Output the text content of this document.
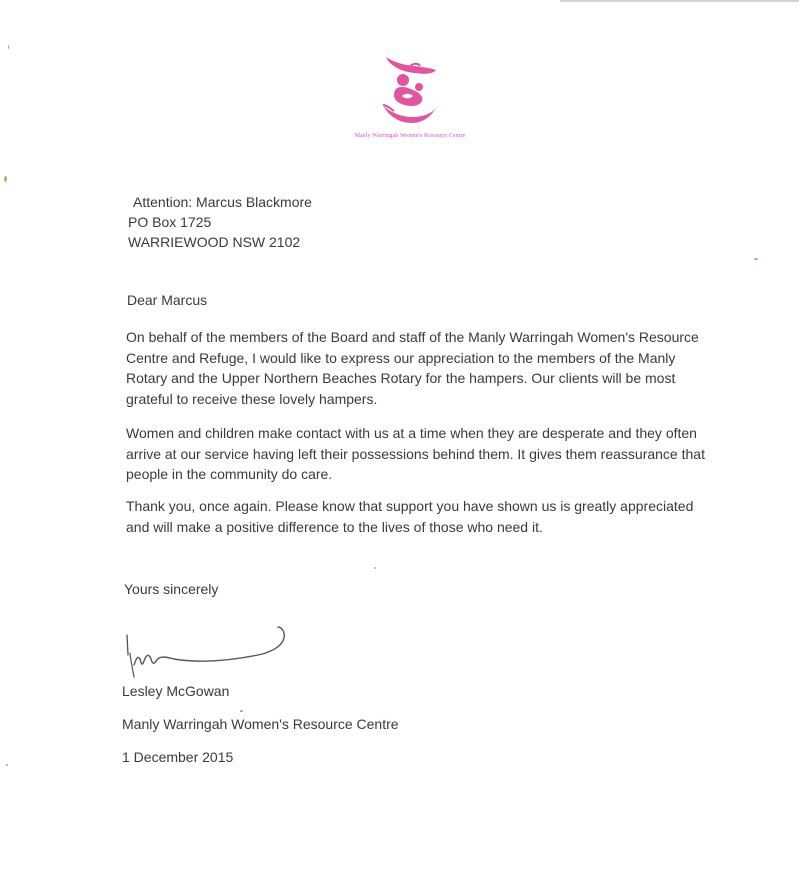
Manly Warringah Women's Resource Centre
Attention: Marcus Blackmore
PO Box 1725
WARRIEWOOD NSW 2102
Dear Marcus

On behalf of the members of the Board and staff of the Manly Warringah Women's Resource Centre and Refuge, I would like to express our appreciation to the members of the Manly Rotary and the Upper Northern Beaches Rotary for the hampers. Our clients will be most grateful to receive these lovely hampers.

Women and children make contact with us at a time when they are desperate and they often arrive at our service having left their possessions behind them. It gives them reassurance that people in the community do care.

Thank you, once again. Please know that support you have shown us is greatly appreciated and will make a positive difference to the lives of those who need it.

Yours sincerely
Lesley McGowan
Manly Warringah Women's Resource Centre
1 December 2015
